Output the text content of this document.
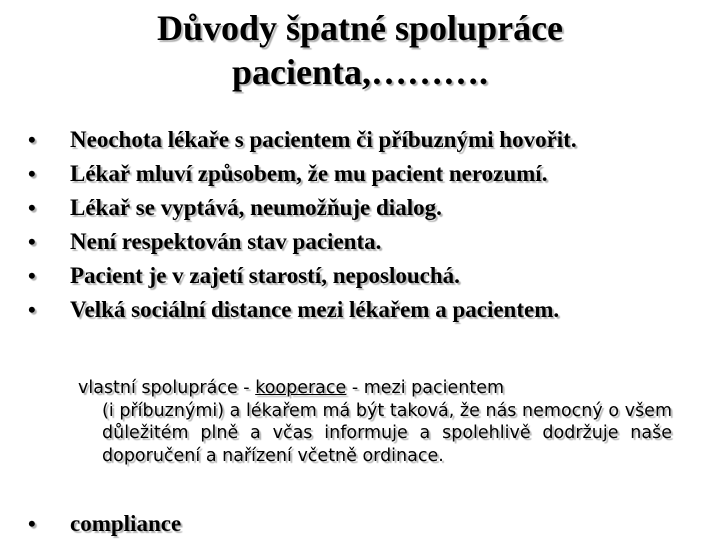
Důvody špatné spolupráce
pacienta,……….
• Neochota lékaře s pacientem či příbuznými hovořit.
• Lékař mluví způsobem, že mu pacient nerozumí.
• Lékař se vyptává, neumožňuje dialog.
• Není respektován stav pacienta.
• Pacient je v zajetí starostí, neposlouchá.
• Velká sociální distance mezi lékařem a pacientem.

vlastní spolupráce - kooperace - mezi pacientem
(i příbuznými) a lékařem má být taková, že nás nemocný o všem důležitém plně a včas informuje a spolehlivě dodržuje naše doporučení a nařízení včetně ordinace.

• compliance
